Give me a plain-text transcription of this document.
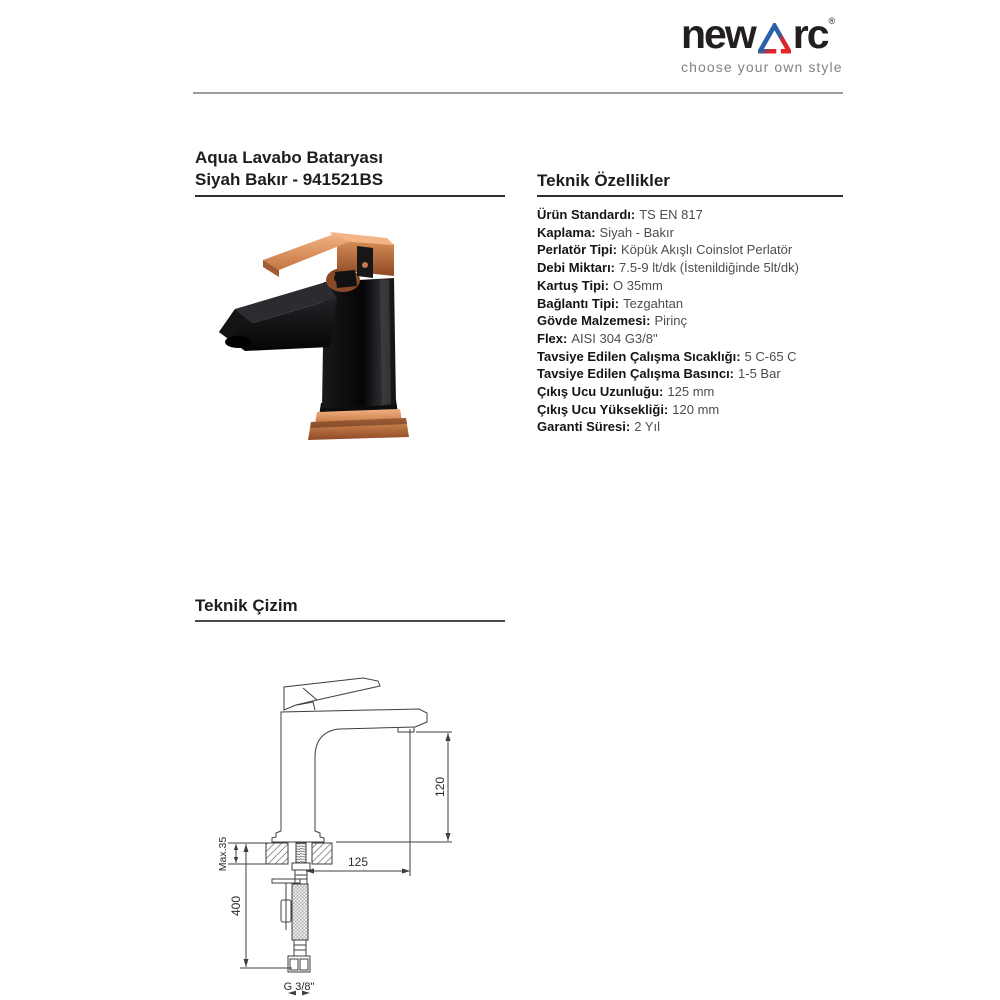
new rc ®
choose your own style
Aqua Lavabo Bataryası
Siyah Bakır - 941521BS	Teknik Özellikler
Ürün Standardı: TS EN 817
Kaplama: Siyah - Bakır
Perlatör Tipi: Köpük Akışlı Coinslot Perlatör
Debi Miktarı: 7.5-9 lt/dk (İstenildiğinde 5lt/dk)
Kartuş Tipi: O 35mm
Bağlantı Tipi: Tezgahtan
Gövde Malzemesi: Pirinç
Flex: AISI 304 G3/8"
Tavsiye Edilen Çalışma Sıcaklığı: 5 C-65 C
Tavsiye Edilen Çalışma Basıncı: 1-5 Bar
Çıkış Ucu Uzunluğu: 125 mm
Çıkış Ucu Yüksekliği: 120 mm
Garanti Süresi: 2 Yıl
Teknik Çizim
125
120
Max.35
400
G 3/8"
